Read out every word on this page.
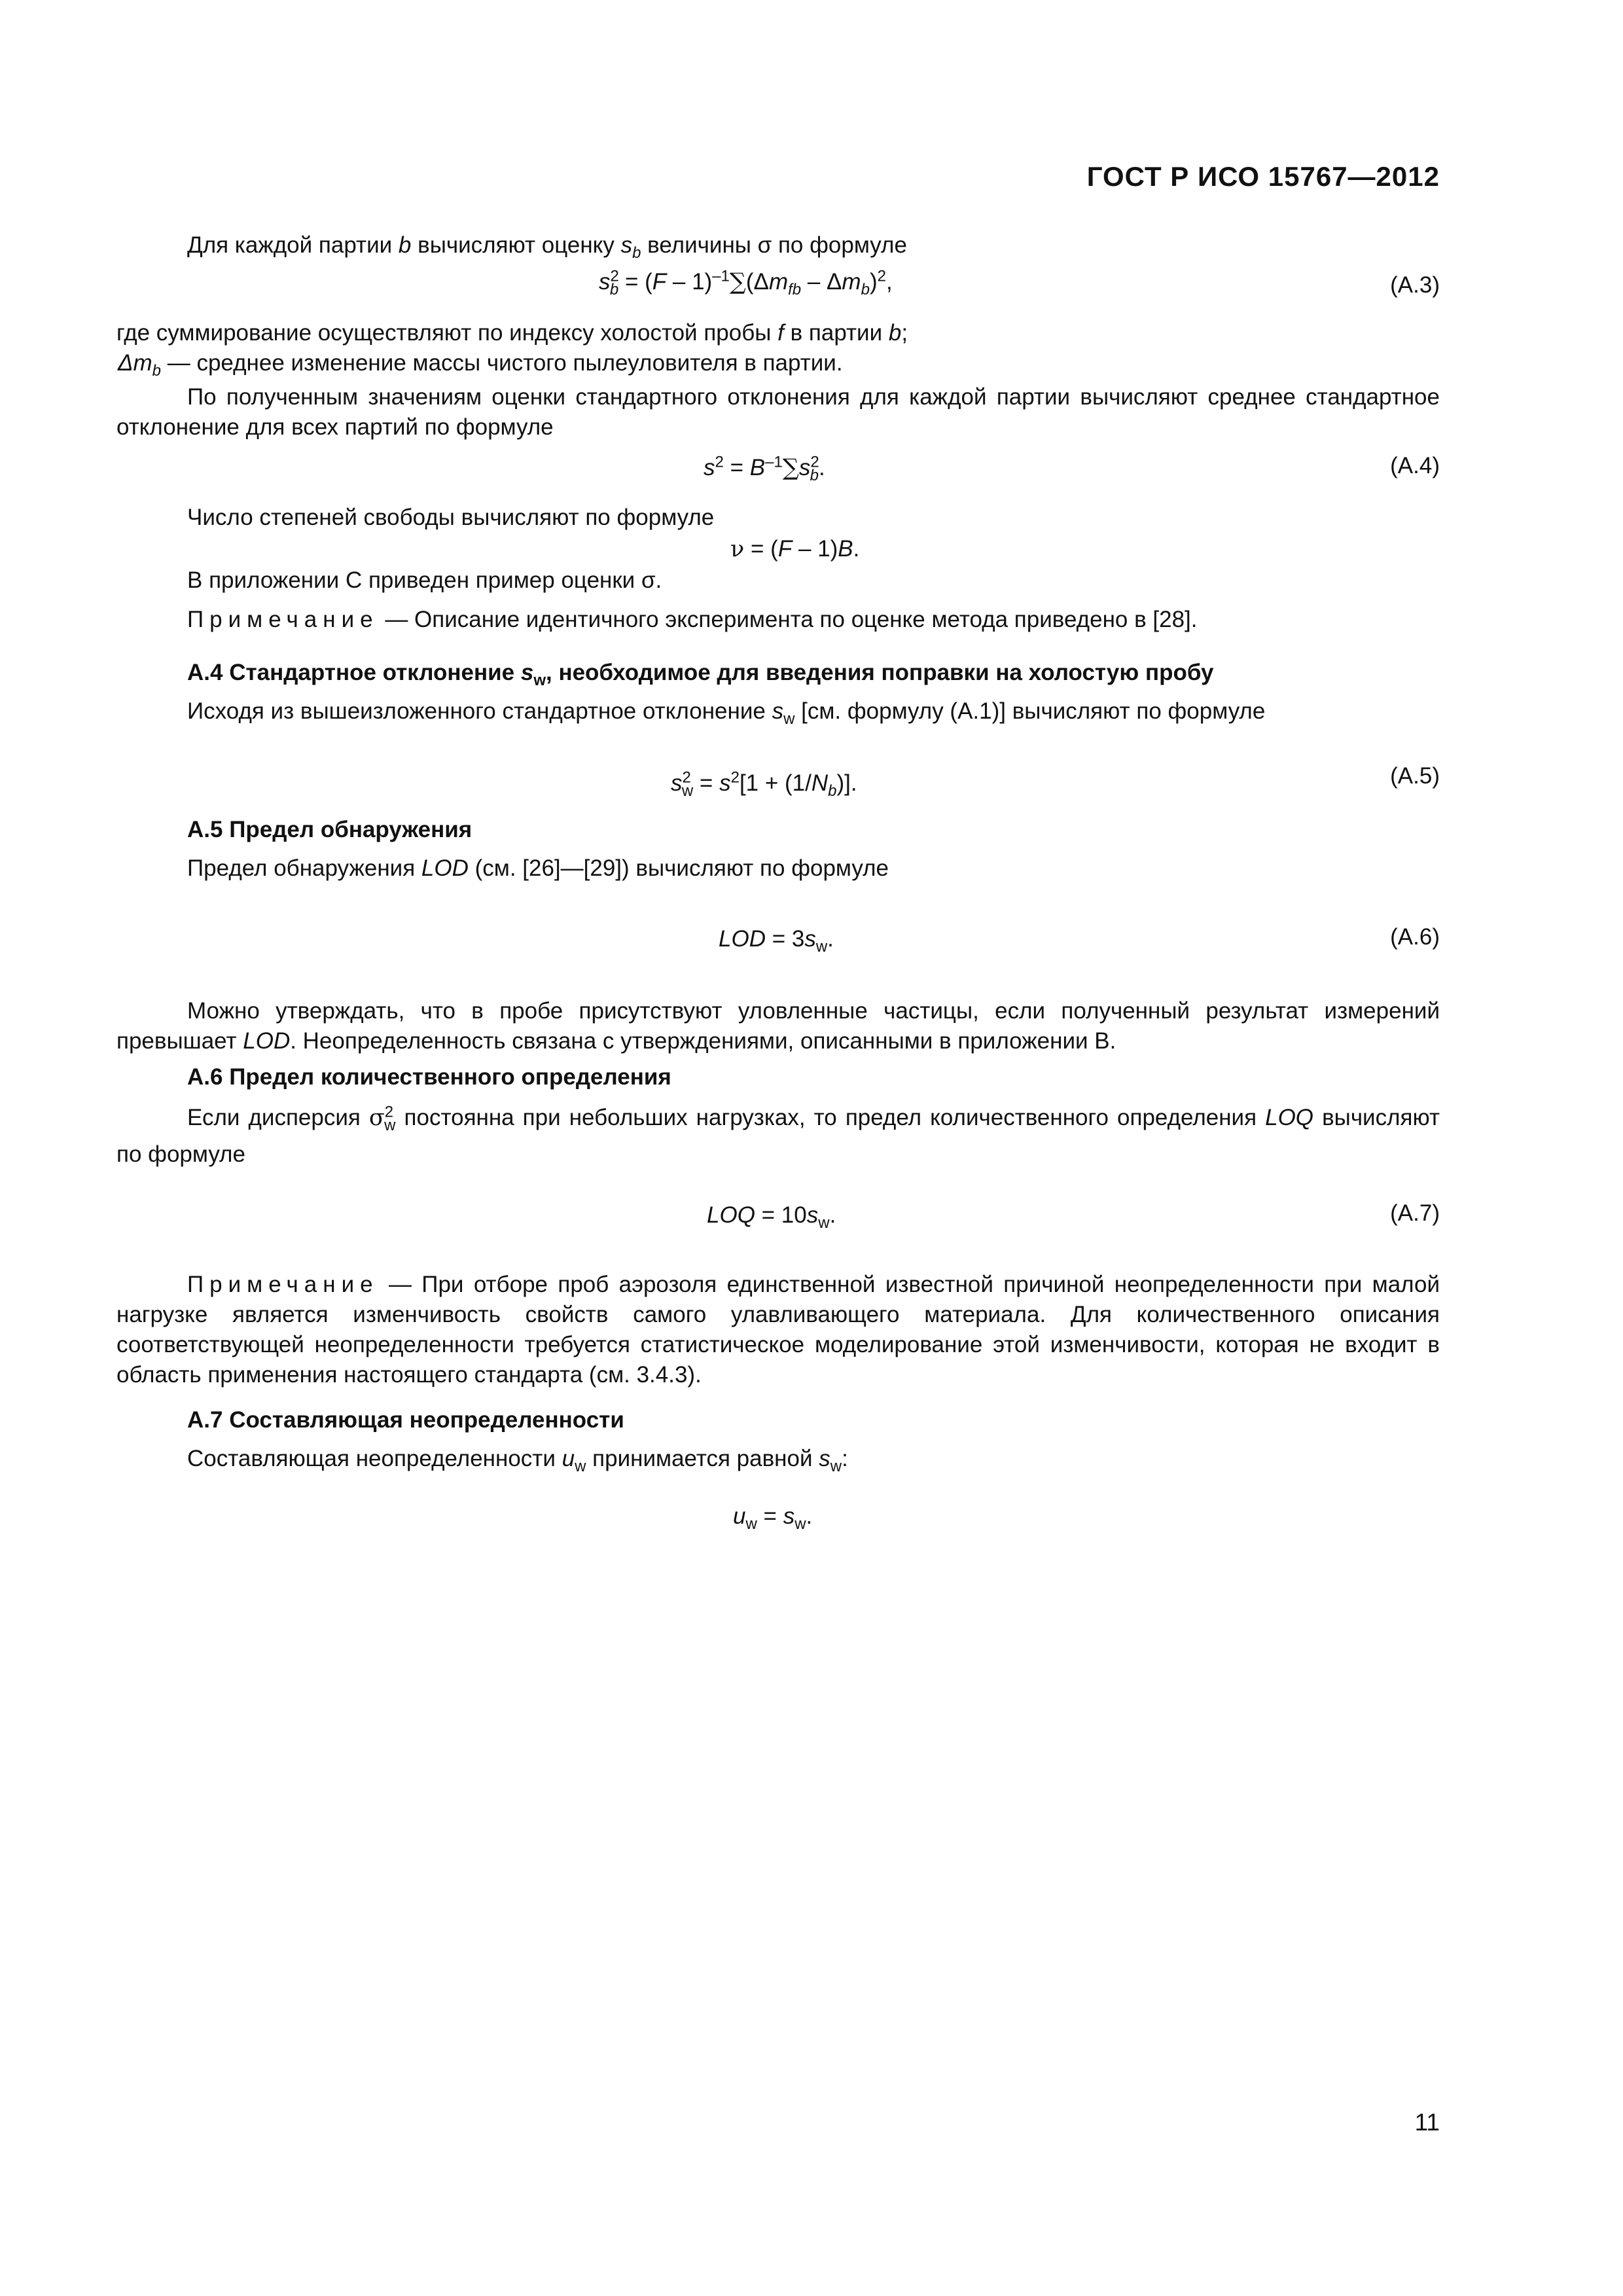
ГОСТ Р ИСО 15767—2012
Для каждой партии b вычисляют оценку $s_b$ величины σ по формуле
$s^2_b = (F - 1)^{-1}\sum(\Delta m_{fb} - \Delta m_b)^2$,	(А.3)
где суммирование осуществляют по индексу холостой пробы f в партии b;
$\Delta m_b$ — среднее изменение массы чистого пылеуловителя в партии.
По полученным значениям оценки стандартного отклонения для каждой партии вычисляют среднее стандартное отклонение для всех партий по формуле
$s^2 = B^{-1}\sum s^2_b$.	(А.4)
Число степеней свободы вычисляют по формуле
ν = (F – 1)B.
В приложении С приведен пример оценки σ.
Примечание — Описание идентичного эксперимента по оценке метода приведено в [28].
А.4 Стандартное отклонение $s_w$, необходимое для введения поправки на холостую пробу
Исходя из вышеизложенного стандартное отклонение $s_w$ [см. формулу (А.1)] вычисляют по формуле
$s^2_w = s^2[1 + (1/N_b)]$.	(А.5)
А.5 Предел обнаружения
Предел обнаружения LOD (см. [26]—[29]) вычисляют по формуле
LOD = $3s_w$.	(А.6)
Можно утверждать, что в пробе присутствуют уловленные частицы, если полученный результат измерений превышает LOD. Неопределенность связана с утверждениями, описанными в приложении В.
А.6 Предел количественного определения
Если дисперсия $\sigma^2_w$ постоянна при небольших нагрузках, то предел количественного определения LOQ вычисляют по формуле
LOQ = $10s_w$.	(А.7)
Примечание — При отборе проб аэрозоля единственной известной причиной неопределенности при малой нагрузке является изменчивость свойств самого улавливающего материала. Для количественного описания соответствующей неопределенности требуется статистическое моделирование этой изменчивости, которая не входит в область применения настоящего стандарта (см. 3.4.3).
А.7 Составляющая неопределенности
Составляющая неопределенности $u_w$ принимается равной $s_w$:
$u_w = s_w$.
11
